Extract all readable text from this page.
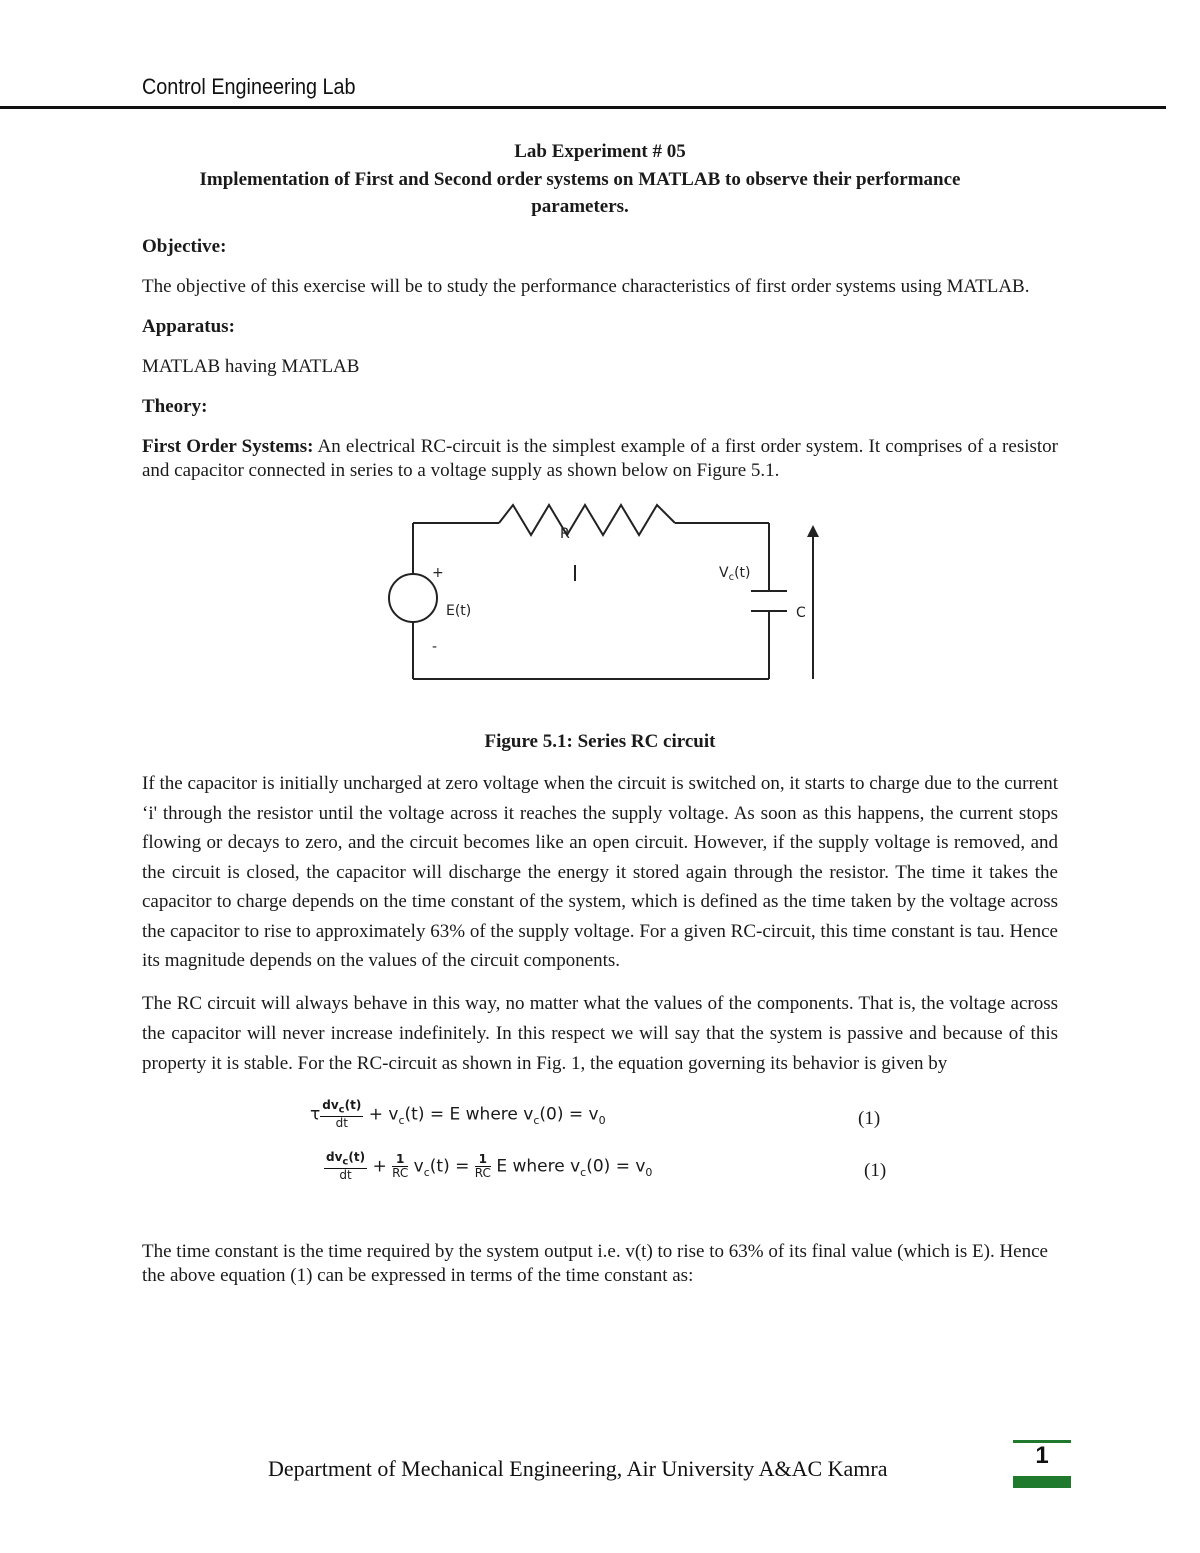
Control Engineering Lab

Lab Experiment # 05

Implementation of First and Second order systems on MATLAB to observe their performance parameters.

Objective:

The objective of this exercise will be to study the performance characteristics of first order systems using MATLAB.

Apparatus:

MATLAB having MATLAB

Theory:

First Order Systems: An electrical RC-circuit is the simplest example of a first order system. It comprises of a resistor and capacitor connected in series to a voltage supply as shown below on Figure 5.1.

R
+
E(t)
-
$V_c(t)$
C

Figure 5.1: Series RC circuit

If the capacitor is initially uncharged at zero voltage when the circuit is switched on, it starts to charge due to the current ‘i' through the resistor until the voltage across it reaches the supply voltage. As soon as this happens, the current stops flowing or decays to zero, and the circuit becomes like an open circuit. However, if the supply voltage is removed, and the circuit is closed, the capacitor will discharge the energy it stored again through the resistor. The time it takes the capacitor to charge depends on the time constant of the system, which is defined as the time taken by the voltage across the capacitor to rise to approximately 63% of the supply voltage. For a given RC-circuit, this time constant is tau. Hence its magnitude depends on the values of the circuit components.

The RC circuit will always behave in this way, no matter what the values of the components. That is, the voltage across the capacitor will never increase indefinitely. In this respect we will say that the system is passive and because of this property it is stable. For the RC-circuit as shown in Fig. 1, the equation governing its behavior is given by

τ $\frac{dv_c(t)}{dt} + v_c(t) = E$ where $v_c(0) = v_0$	(1)
$\frac{dv_c(t)}{dt} + \frac{1}{RC} v_c(t) = \frac{1}{RC}$ E where $v_c(0) = v_0$	(1)

The time constant is the time required by the system output i.e. v(t) to rise to 63% of its final value (which is E). Hence the above equation (1) can be expressed in terms of the time constant as:

Department of Mechanical Engineering, Air University A&AC Kamra	1
